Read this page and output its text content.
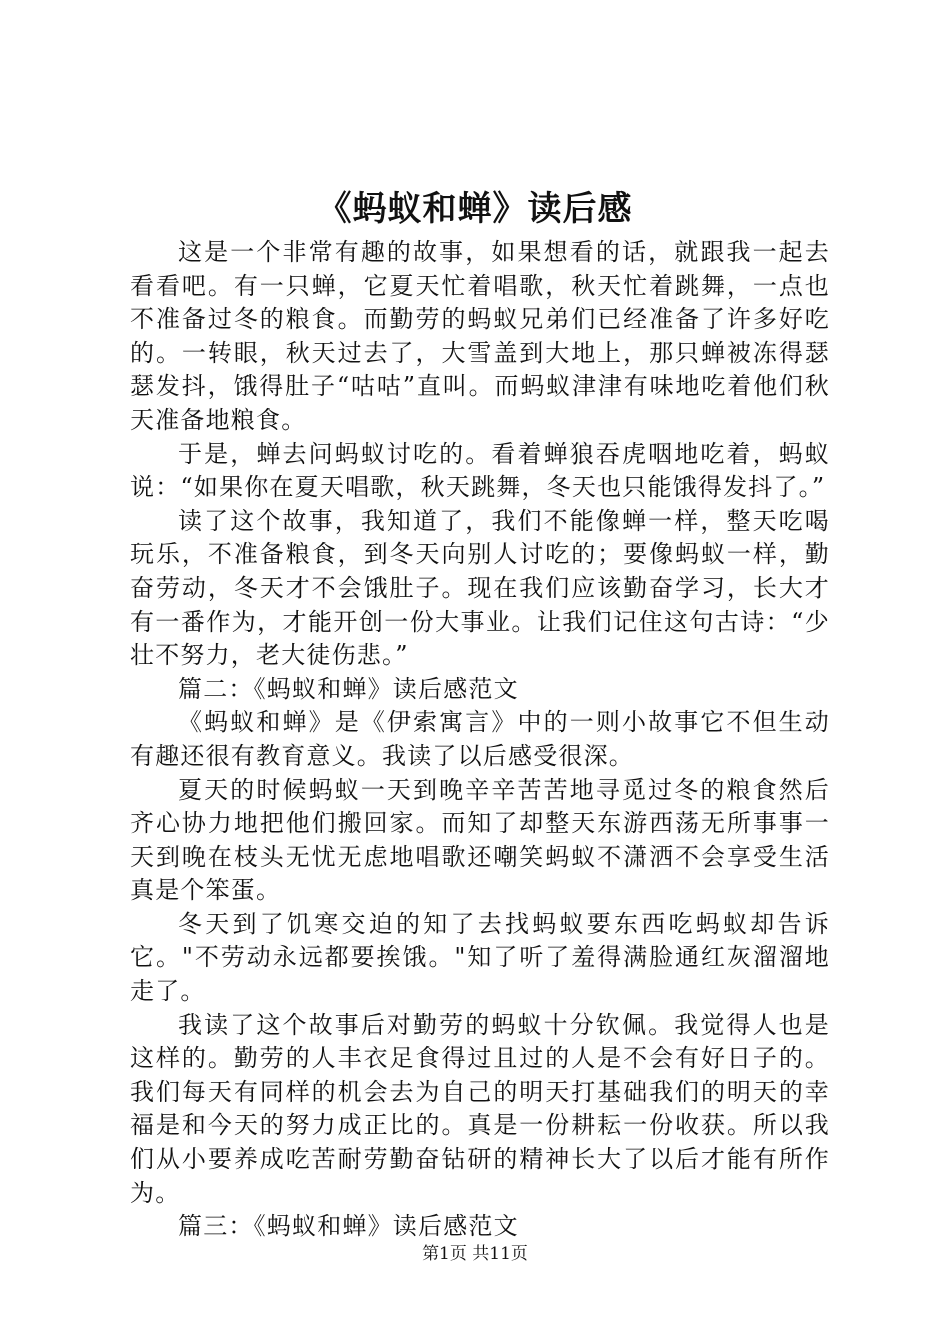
《蚂蚁和蝉》读后感

这是一个非常有趣的故事，如果想看的话，就跟我一起去看看吧。有一只蝉，它夏天忙着唱歌，秋天忙着跳舞，一点也不准备过冬的粮食。而勤劳的蚂蚁兄弟们已经准备了许多好吃的。一转眼，秋天过去了，大雪盖到大地上，那只蝉被冻得瑟瑟发抖，饿得肚子“咕咕”直叫。而蚂蚁津津有味地吃着他们秋天准备地粮食。

于是，蝉去问蚂蚁讨吃的。看着蝉狼吞虎咽地吃着，蚂蚁说：“如果你在夏天唱歌，秋天跳舞，冬天也只能饿得发抖了。”

读了这个故事，我知道了，我们不能像蝉一样，整天吃喝玩乐，不准备粮食，到冬天向别人讨吃的；要像蚂蚁一样，勤奋劳动，冬天才不会饿肚子。现在我们应该勤奋学习，长大才有一番作为，才能开创一份大事业。让我们记住这句古诗：“少壮不努力，老大徒伤悲。”

篇二：《蚂蚁和蝉》读后感范文

《蚂蚁和蝉》是《伊索寓言》中的一则小故事它不但生动有趣还很有教育意义。我读了以后感受很深。

夏天的时候蚂蚁一天到晚辛辛苦苦地寻觅过冬的粮食然后齐心协力地把他们搬回家。而知了却整天东游西荡无所事事一天到晚在枝头无忧无虑地唱歌还嘲笑蚂蚁不潇洒不会享受生活真是个笨蛋。

冬天到了饥寒交迫的知了去找蚂蚁要东西吃蚂蚁却告诉它。"不劳动永远都要挨饿。"知了听了羞得满脸通红灰溜溜地走了。

我读了这个故事后对勤劳的蚂蚁十分钦佩。我觉得人也是这样的。勤劳的人丰衣足食得过且过的人是不会有好日子的。我们每天有同样的机会去为自己的明天打基础我们的明天的幸福是和今天的努力成正比的。真是一份耕耘一份收获。所以我们从小要养成吃苦耐劳勤奋钻研的精神长大了以后才能有所作为。

篇三：《蚂蚁和蝉》读后感范文

第1页 共11页
